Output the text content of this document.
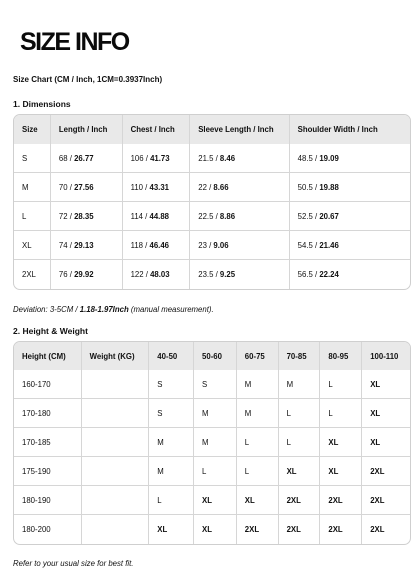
SIZE INFO
Size Chart (CM / Inch, 1CM=0.3937Inch)
1. Dimensions
Size	Length / Inch	Chest / Inch	Sleeve Length / Inch	Shoulder Width / Inch
S	68 / 26.77	106 / 41.73	21.5 / 8.46	48.5 / 19.09
M	70 / 27.56	110 / 43.31	22 / 8.66	50.5 / 19.88
L	72 / 28.35	114 / 44.88	22.5 / 8.86	52.5 / 20.67
XL	74 / 29.13	118 / 46.46	23 / 9.06	54.5 / 21.46
2XL	76 / 29.92	122 / 48.03	23.5 / 9.25	56.5 / 22.24
Deviation: 3-5CM / 1.18-1.97Inch (manual measurement).
2. Height & Weight
Height (CM)	Weight (KG)	40-50	50-60	60-75	70-85	80-95	100-110
160-170		S	S	M	M	L	XL
170-180		S	M	M	L	L	XL
170-185		M	M	L	L	XL	XL
175-190		M	L	L	XL	XL	2XL
180-190		L	XL	XL	2XL	2XL	2XL
180-200		XL	XL	2XL	2XL	2XL	2XL
Refer to your usual size for best fit.
